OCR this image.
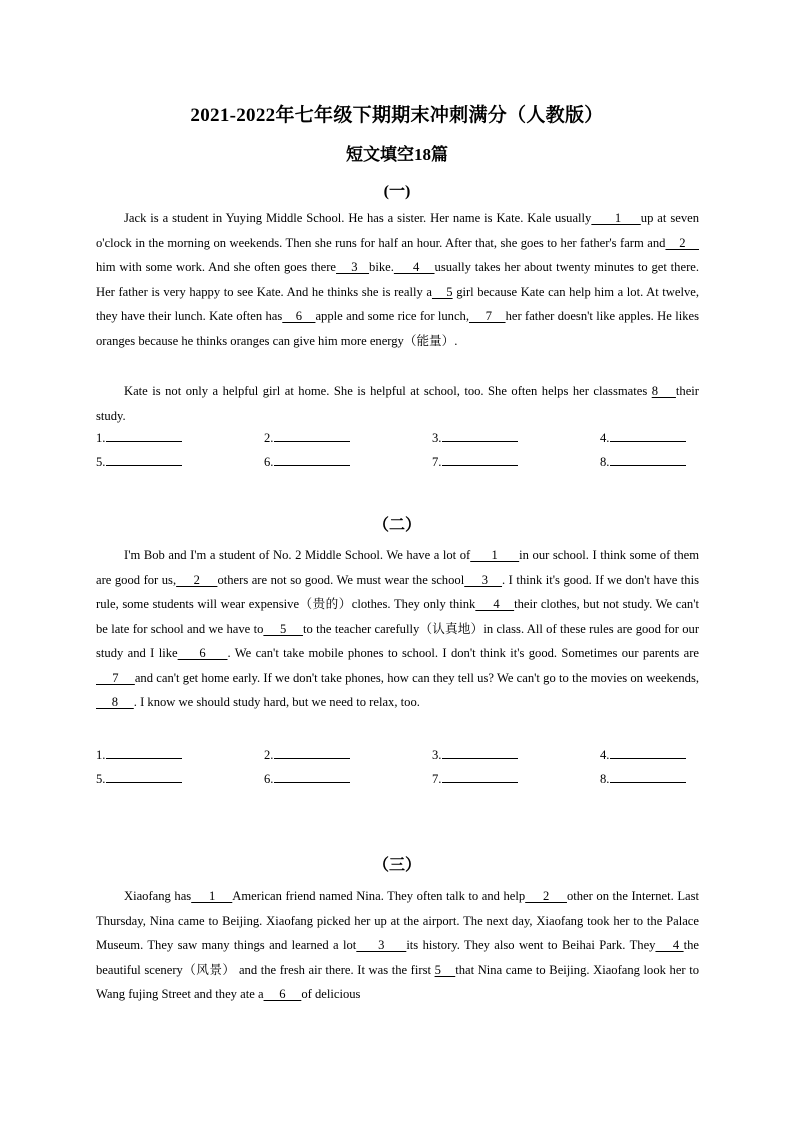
2021-2022年七年级下期期末冲刺满分（人教版）
短文填空18篇
(一)
Jack is a student in Yuying Middle School. He has a sister. Her name is Kate. Kale usually      1     up at seven o'clock in the morning on weekends. Then she runs for half an hour. After that, she goes to her father's farm and    2     him with some work. And she often goes there    3   bike.     4    usually takes her about twenty minutes to get there. Her father is very happy to see Kate. And he thinks she is really a    5 girl because Kate can help him a lot. At twelve, they have their lunch. Kate often has    6    apple and some rice for lunch,     7    her father doesn't like apples. He likes oranges because he thinks oranges can give him more energy（能量）.
Kate is not only a helpful girl at home. She is helpful at school, too. She often helps her classmates 8    their study.
1.	2.	3.	4.
5.	6.	7.	8.
（二）
I'm Bob and I'm a student of No. 2 Middle School. We have a lot of      1      in our school. I think some of them are good for us,     2     others are not so good. We must wear the school     3    . I think it's good. If we don't have this rule, some students will wear expensive（贵的）clothes. They only think     4    their clothes, but not study. We can't be late for school and we have to     5     to the teacher carefully（认真地）in class. All of these rules are good for our study and I like     6     . We can't take mobile phones to school. I don't think it's good. Sometimes our parents are     7     and can't get home early. If we don't take phones, how can they tell us? We can't go to the movies on weekends,     8     . I know we should study hard, but we need to relax, too.
1.	2.	3.	4.
5.	6.	7.	8.
（三）
Xiaofang has     1     American friend named Nina. They often talk to and help     2     other on the Internet. Last Thursday, Nina came to Beijing. Xiaofang picked her up at the airport. The next day, Xiaofang took her to the Palace Museum. They saw many things and learned a lot     3     its history. They also went to Beihai Park. They    4 the beautiful scenery（风景） and the fresh air there. It was the first 5    that Nina came to Beijing. Xiaofang look her to Wang fujing Street and they ate a     6     of delicious
